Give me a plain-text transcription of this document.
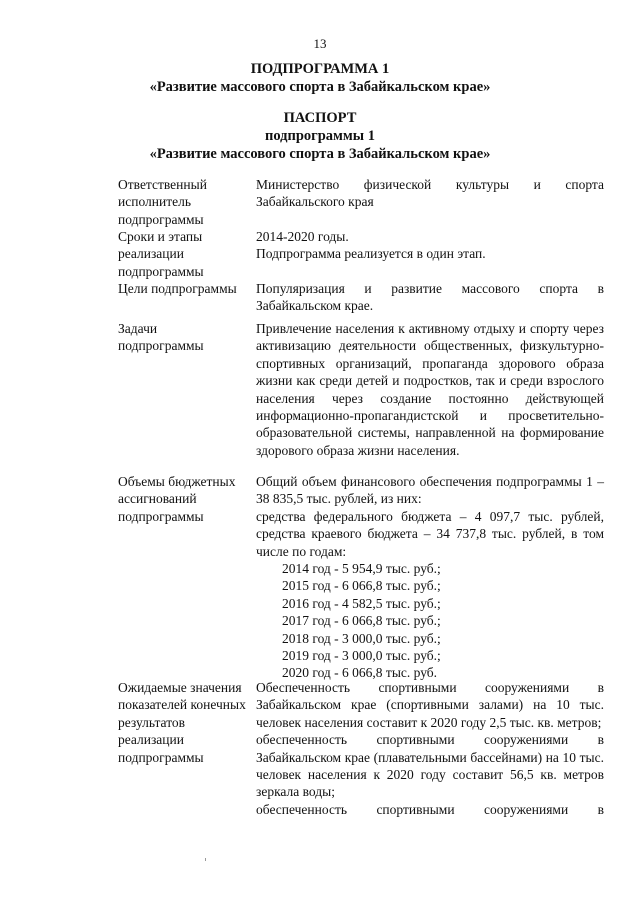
13
ПОДПРОГРАММА 1
«Развитие массового спорта в Забайкальском крае»
ПАСПОРТ
подпрограммы 1
«Развитие массового спорта в Забайкальском крае»
Ответственный исполнитель подпрограммы

Министерство физической культуры и спорта Забайкальского края

Сроки и этапы реализации подпрограммы

2014-2020 годы.

Подпрограмма реализуется в один этап.

Цели подпрограммы	Популяризация и развитие массового спорта в Забайкальском крае.

Задачи подпрограммы

Привлечение населения к активному отдыху и спорту через активизацию деятельности общественных, физкультурно-спортивных организаций, пропаганда здорового образа жизни как среди детей и подростков, так и среди взрослого населения через создание постоянно действующей информационно-пропагандистской и просветительно-образовательной системы, направленной на формирование здорового образа жизни населения.

Объемы бюджетных ассигнований подпрограммы

Общий объем финансового обеспечения подпрограммы 1 – 38 835,5 тыс. рублей, из них:

средства федерального бюджета – 4 097,7 тыс. рублей,

средства краевого бюджета – 34 737,8 тыс. рублей, в том числе по годам:

2014 год - 5 954,9 тыс. руб.;
2015 год - 6 066,8 тыс. руб.;
2016 год - 4 582,5 тыс. руб.;
2017 год - 6 066,8 тыс. руб.;
2018 год - 3 000,0 тыс. руб.;
2019 год - 3 000,0 тыс. руб.;
2020 год - 6 066,8 тыс. руб.
Ожидаемые значения показателей конечных результатов реализации подпрограммы

Обеспеченность спортивными сооружениями в Забайкальском крае (спортивными залами) на 10 тыс. человек населения составит к 2020 году 2,5 тыс. кв. метров;

обеспеченность спортивными сооружениями в Забайкальском крае (плавательными бассейнами) на 10 тыс. человек населения к 2020 году составит 56,5 кв. метров зеркала воды;

обеспеченность спортивными сооружениями в
